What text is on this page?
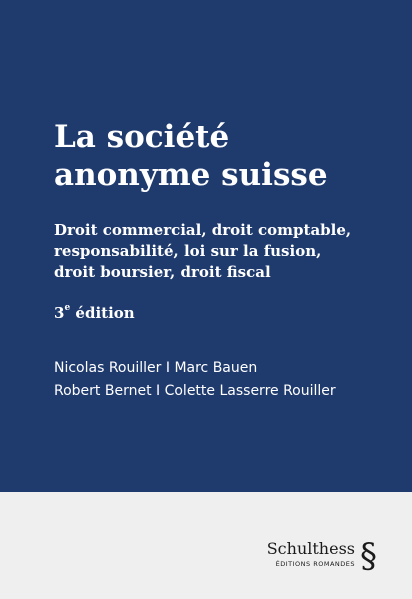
La société
anonyme suisse
Droit commercial, droit comptable,
responsabilité, loi sur la fusion,
droit boursier, droit fiscal
3e édition
Nicolas Rouiller I Marc Bauen
Robert Bernet I Colette Lasserre Rouiller
Schulthess
ÉDITIONS ROMANDES §
